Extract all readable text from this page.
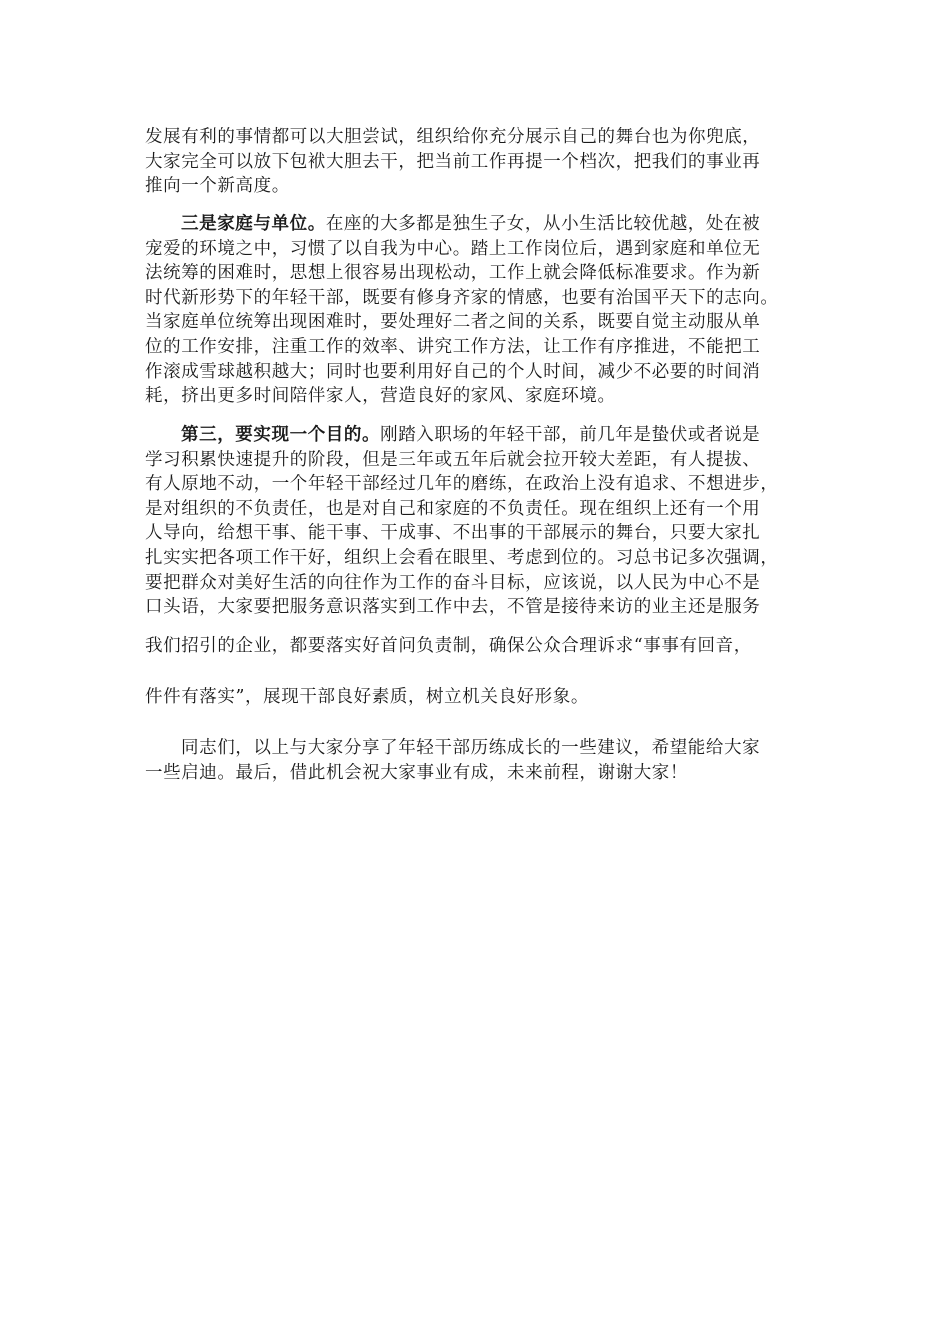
发展有利的事情都可以大胆尝试，组织给你充分展示自己的舞台也为你兜底，
大家完全可以放下包袱大胆去干，把当前工作再提一个档次，把我们的事业再
推向一个新高度。
三是家庭与单位。在座的大多都是独生子女，从小生活比较优越，处在被
宠爱的环境之中，习惯了以自我为中心。踏上工作岗位后，遇到家庭和单位无
法统筹的困难时，思想上很容易出现松动，工作上就会降低标准要求。作为新
时代新形势下的年轻干部，既要有修身齐家的情感，也要有治国平天下的志向。
当家庭单位统筹出现困难时，要处理好二者之间的关系，既要自觉主动服从单
位的工作安排，注重工作的效率、讲究工作方法，让工作有序推进，不能把工
作滚成雪球越积越大；同时也要利用好自己的个人时间，减少不必要的时间消
耗，挤出更多时间陪伴家人，营造良好的家风、家庭环境。
第三，要实现一个目的。刚踏入职场的年轻干部，前几年是蛰伏或者说是
学习积累快速提升的阶段，但是三年或五年后就会拉开较大差距，有人提拔、
有人原地不动，一个年轻干部经过几年的磨练，在政治上没有追求、不想进步，
是对组织的不负责任，也是对自己和家庭的不负责任。现在组织上还有一个用
人导向，给想干事、能干事、干成事、不出事的干部展示的舞台，只要大家扎
扎实实把各项工作干好，组织上会看在眼里、考虑到位的。习总书记多次强调，
要把群众对美好生活的向往作为工作的奋斗目标，应该说，以人民为中心不是
口头语，大家要把服务意识落实到工作中去，不管是接待来访的业主还是服务
我们招引的企业，都要落实好首问负责制，确保公众合理诉求“事事有回音，
件件有落实”，展现干部良好素质，树立机关良好形象。
同志们，以上与大家分享了年轻干部历练成长的一些建议，希望能给大家
一些启迪。最后，借此机会祝大家事业有成，未来前程，谢谢大家！
